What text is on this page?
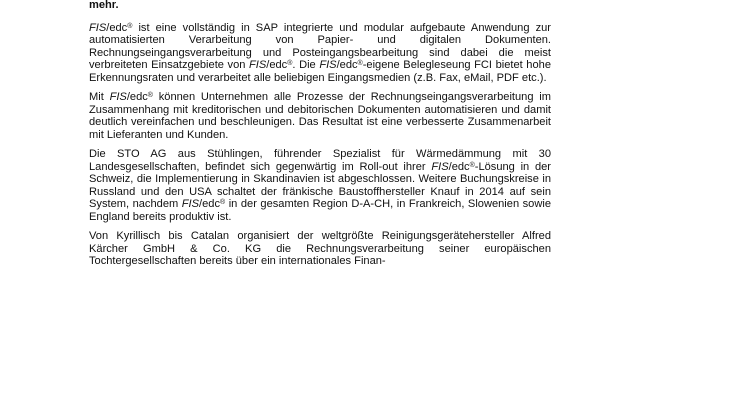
mehr.

FIS/edc® ist eine vollständig in SAP integrierte und modular aufgebaute Anwendung zur automatisierten Verarbeitung von Papier- und digitalen Dokumenten. Rechnungseingangsverarbeitung und Posteingangsbearbeitung sind dabei die meist verbreiteten Einsatzgebiete von FIS/edc®. Die FIS/edc®-eigene Belegleseung FCI bietet hohe Erkennungsraten und verarbeitet alle beliebigen Eingangsmedien (z.B. Fax, eMail, PDF etc.).

Mit FIS/edc® können Unternehmen alle Prozesse der Rechnungseingangsverarbeitung im Zusammenhang mit kreditorischen und debitorischen Dokumenten automatisieren und damit deutlich vereinfachen und beschleunigen. Das Resultat ist eine verbesserte Zusammenarbeit mit Lieferanten und Kunden.

Die STO AG aus Stühlingen, führender Spezialist für Wärmedämmung mit 30 Landesgesellschaften, befindet sich gegenwärtig im Roll-out ihrer FIS/edc®-Lösung in der Schweiz, die Implementierung in Skandinavien ist abgeschlossen. Weitere Buchungskreise in Russland und den USA schaltet der fränkische Baustoffhersteller Knauf in 2014 auf sein System, nachdem FIS/edc® in der gesamten Region D-A-CH, in Frankreich, Slowenien sowie England bereits produktiv ist.

Von Kyrillisch bis Catalan organisiert der weltgrößte Reinigungsgerätehersteller Alfred Kärcher GmbH & Co. KG die Rechnungsverarbeitung seiner europäischen Tochtergesellschaften bereits über ein internationales Finan-
